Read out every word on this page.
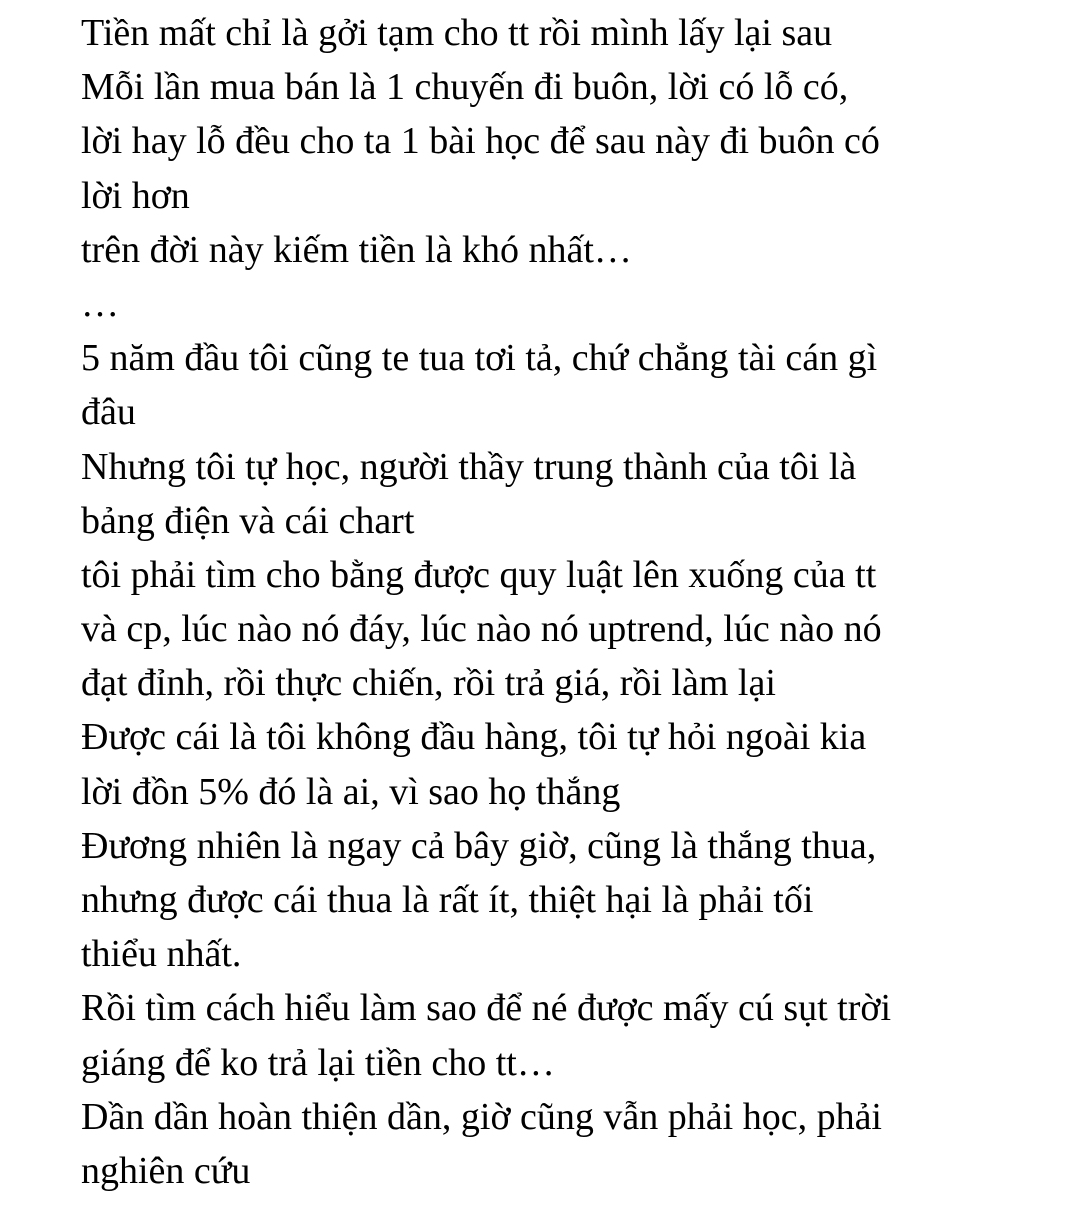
Tiền mất chỉ là gởi tạm cho tt rồi mình lấy lại sau
Mỗi lần mua bán là 1 chuyến đi buôn, lời có lỗ có,
lời hay lỗ đều cho ta 1 bài học để sau này đi buôn có
lời hơn
trên đời này kiếm tiền là khó nhất…
…
5 năm đầu tôi cũng te tua tơi tả, chứ chẳng tài cán gì
đâu
Nhưng tôi tự học, người thầy trung thành của tôi là
bảng điện và cái chart
tôi phải tìm cho bằng được quy luật lên xuống của tt
và cp, lúc nào nó đáy, lúc nào nó uptrend, lúc nào nó
đạt đỉnh, rồi thực chiến, rồi trả giá, rồi làm lại
Được cái là tôi không đầu hàng, tôi tự hỏi ngoài kia
lời đồn 5% đó là ai, vì sao họ thắng
Đương nhiên là ngay cả bây giờ, cũng là thắng thua,
nhưng được cái thua là rất ít, thiệt hại là phải tối
thiểu nhất.
Rồi tìm cách hiểu làm sao để né được mấy cú sụt trời
giáng để ko trả lại tiền cho tt…
Dần dần hoàn thiện dần, giờ cũng vẫn phải học, phải
nghiên cứu
